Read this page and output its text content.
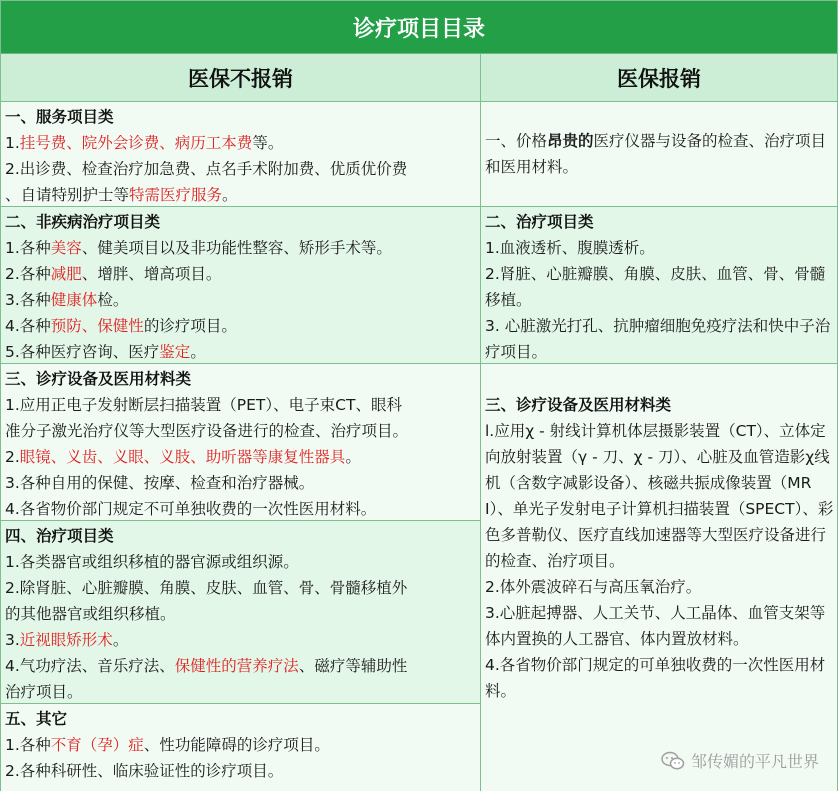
诊疗项目目录
医保不报销	医保报销
一、服务项目类
1.挂号费、院外会诊费、病历工本费等。
2.出诊费、检查治疗加急费、点名手术附加费、优质优价费
、自请特别护士等特需医疗服务。
二、非疾病治疗项目类
1.各种美容、健美项目以及非功能性整容、矫形手术等。
2.各种减肥、增胖、增高项目。
3.各种健康体检。
4.各种预防、保健性的诊疗项目。
5.各种医疗咨询、医疗鉴定。
三、诊疗设备及医用材料类
1.应用正电子发射断层扫描装置（PET）、电子束CT、眼科
准分子激光治疗仪等大型医疗设备进行的检查、治疗项目。
2.眼镜、义齿、义眼、义肢、助听器等康复性器具。
3.各种自用的保健、按摩、检查和治疗器械。
4.各省物价部门规定不可单独收费的一次性医用材料。
四、治疗项目类
1.各类器官或组织移植的器官源或组织源。
2.除肾脏、心脏瓣膜、角膜、皮肤、血管、骨、骨髓移植外
的其他器官或组织移植。
3.近视眼矫形术。
4.气功疗法、音乐疗法、保健性的营养疗法、磁疗等辅助性
治疗项目。
五、其它
1.各种不育（孕）症、性功能障碍的诊疗项目。
2.各种科研性、临床验证性的诊疗项目。
一、价格昂贵的医疗仪器与设备的检查、治疗项目和医用材料。
二、治疗项目类
1.血液透析、腹膜透析。
2.肾脏、心脏瓣膜、角膜、皮肤、血管、骨、骨髓移植。
3. 心脏激光打孔、抗肿瘤细胞免疫疗法和快中子治疗项目。
三、诊疗设备及医用材料类
l.应用χ - 射线计算机体层摄影装置（CT）、立体定向放射装置（γ - 刀、χ - 刀）、心脏及血管造影χ线机（含数字减影设备）、核磁共振成像装置（MRI）、单光子发射电子计算机扫描装置（SPECT）、彩色多普勒仪、医疗直线加速器等大型医疗设备进行的检查、治疗项目。
2.体外震波碎石与高压氧治疗。
3.心脏起搏器、人工关节、人工晶体、血管支架等体内置换的人工器官、体内置放材料。
4.各省物价部门规定的可单独收费的一次性医用材料。
邹传媚的平凡世界
